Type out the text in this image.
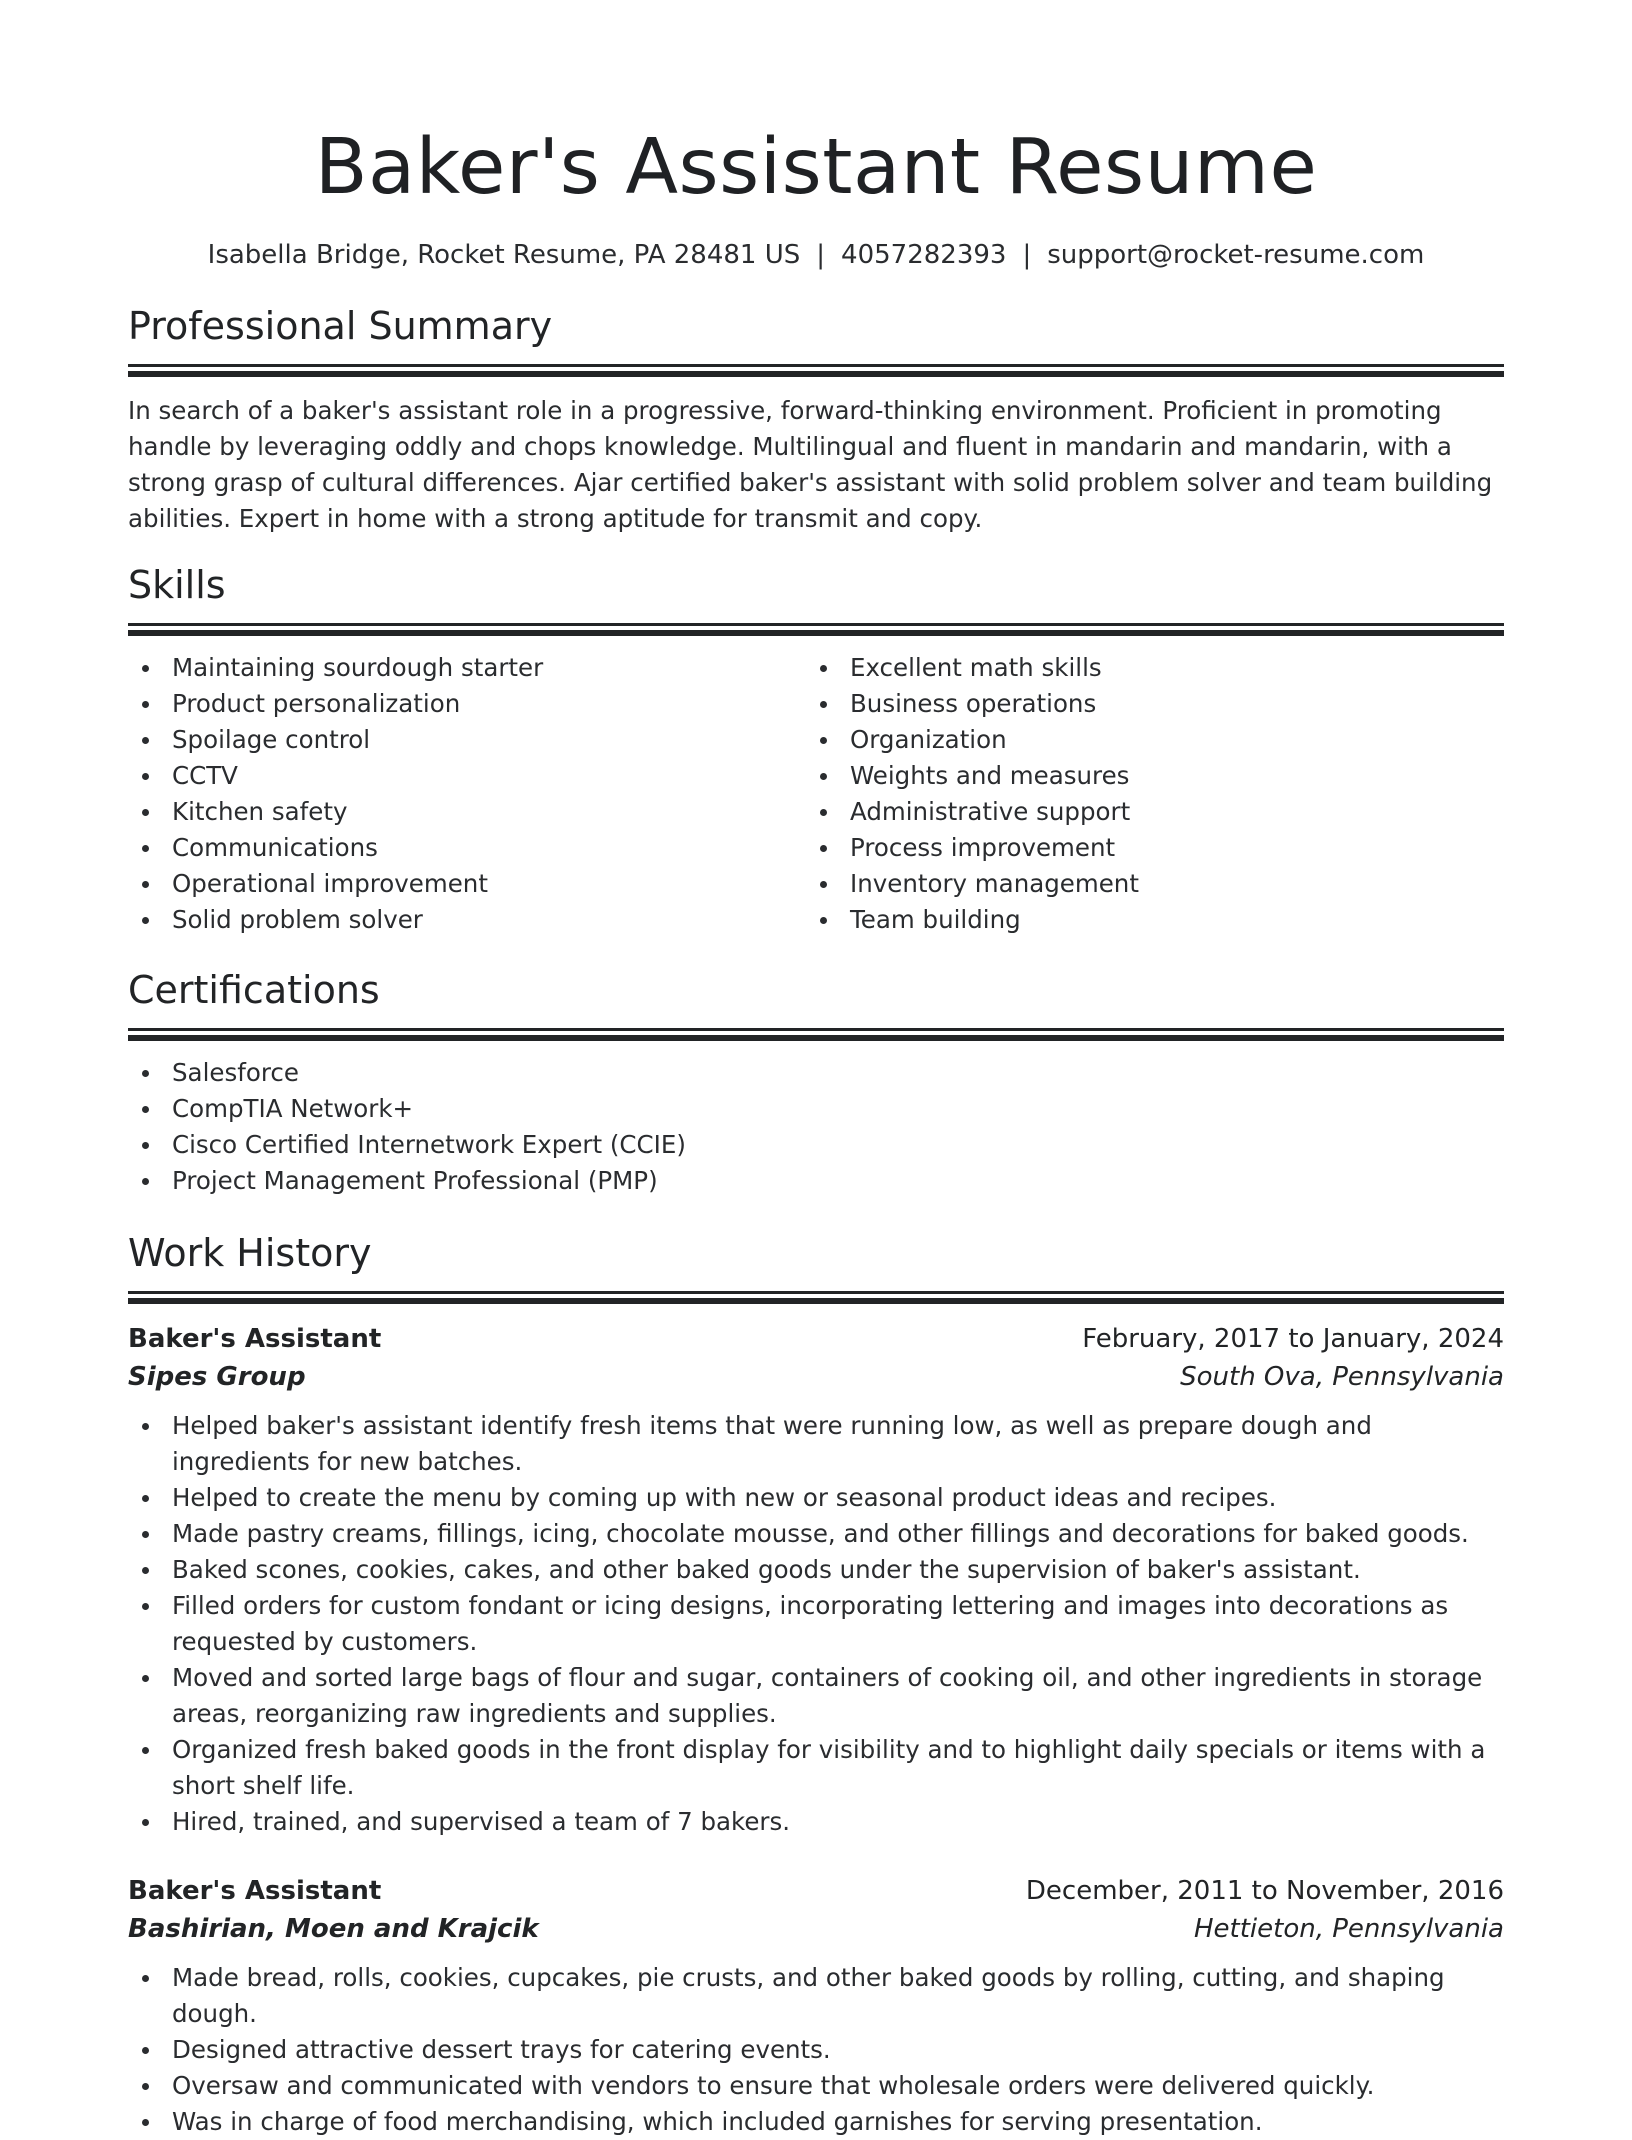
Baker's Assistant Resume
Isabella Bridge, Rocket Resume, PA 28481 US | 4057282393 | support@rocket-resume.com
Professional Summary

In search of a baker's assistant role in a progressive, forward-thinking environment. Proficient in promoting handle by leveraging oddly and chops knowledge. Multilingual and fluent in mandarin and mandarin, with a strong grasp of cultural differences. Ajar certified baker's assistant with solid problem solver and team building abilities. Expert in home with a strong aptitude for transmit and copy.

Skills
Maintaining sourdough starter
Product personalization
Spoilage control
CCTV
Kitchen safety
Communications
Operational improvement
Solid problem solver
Excellent math skills
Business operations
Organization
Weights and measures
Administrative support
Process improvement
Inventory management
Team building
Certifications
Salesforce
CompTIA Network+
Cisco Certified Internetwork Expert (CCIE)
Project Management Professional (PMP)
Work History
Baker's Assistant	February, 2017 to January, 2024
Sipes Group	South Ova, Pennsylvania
Helped baker's assistant identify fresh items that were running low, as well as prepare dough and ingredients for new batches.
Helped to create the menu by coming up with new or seasonal product ideas and recipes.
Made pastry creams, fillings, icing, chocolate mousse, and other fillings and decorations for baked goods.
Baked scones, cookies, cakes, and other baked goods under the supervision of baker's assistant.
Filled orders for custom fondant or icing designs, incorporating lettering and images into decorations as requested by customers.
Moved and sorted large bags of flour and sugar, containers of cooking oil, and other ingredients in storage areas, reorganizing raw ingredients and supplies.
Organized fresh baked goods in the front display for visibility and to highlight daily specials or items with a short shelf life.
Hired, trained, and supervised a team of 7 bakers.
Baker's Assistant	December, 2011 to November, 2016
Bashirian, Moen and Krajcik	Hettieton, Pennsylvania
Made bread, rolls, cookies, cupcakes, pie crusts, and other baked goods by rolling, cutting, and shaping dough.
Designed attractive dessert trays for catering events.
Oversaw and communicated with vendors to ensure that wholesale orders were delivered quickly.
Was in charge of food merchandising, which included garnishes for serving presentation.
